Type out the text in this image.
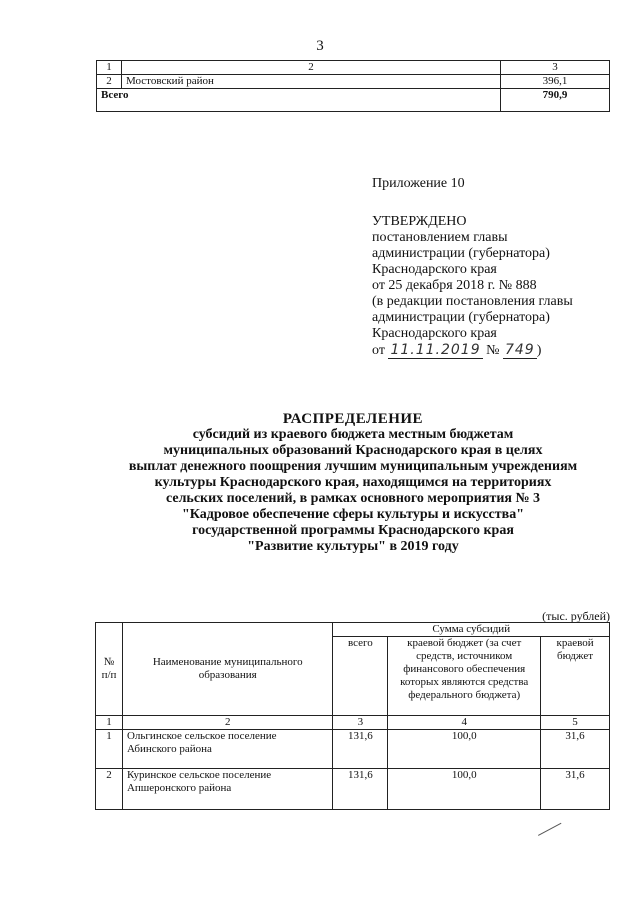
3
1	2	3
2	Мостовский район	396,1
Всего		790,9
Приложение 10
УТВЕРЖДЕНО
постановлением главы
администрации (губернатора)
Краснодарского края
от 25 декабря 2018 г. № 888
(в редакции постановления главы
администрации (губернатора)
Краснодарского края
от 11.11.2019 № 749 )
РАСПРЕДЕЛЕНИЕ
субсидий из краевого бюджета местным бюджетам
муниципальных образований Краснодарского края в целях
выплат денежного поощрения лучшим муниципальным учреждениям
культуры Краснодарского края, находящимся на территориях
сельских поселений, в рамках основного мероприятия № 3
"Кадровое обеспечение сферы культуры и искусства"
государственной программы Краснодарского края
"Развитие культуры" в 2019 году
(тыс. рублей)
№ п/п	Наименование муниципального образования	Сумма субсидий		
		всего	краевой бюджет (за счет средств, источником финансового обеспечения которых являются средства федерального бюджета)	краевой бюджет
1	2	3	4	5
1	Ольгинское сельское поселение Абинского района	131,6	100,0	31,6
2	Куринское сельское поселение Апшеронского района	131,6	100,0	31,6
